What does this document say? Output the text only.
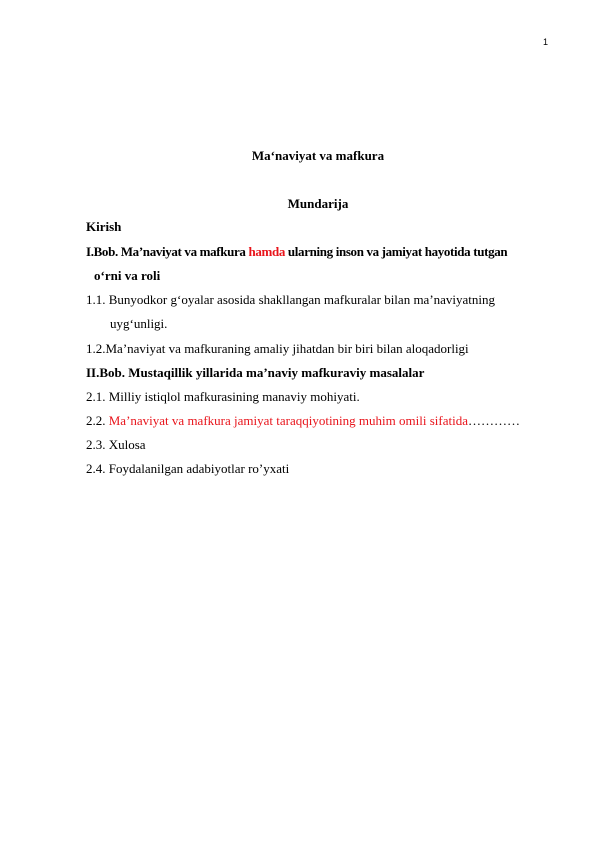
1
Ma‘naviyat va mafkura
Mundarija
Kirish
I.Bob. Ma’naviyat va mafkura hamda ularning inson va jamiyat hayotida tutgan
o‘rni va roli
1.1. Bunyodkor g‘oyalar asosida shakllangan mafkuralar bilan ma’naviyatning
uyg‘unligi.
1.2.Ma’naviyat va mafkuraning amaliy jihatdan bir biri bilan aloqadorligi
II.Bob. Mustaqillik yillarida ma’naviy mafkuraviy masalalar
2.1. Milliy istiqlol mafkurasining manaviy mohiyati.
2.2. Ma’naviyat va mafkura jamiyat taraqqiyotining muhim omili sifatida…………
2.3. Xulosa
2.4. Foydalanilgan adabiyotlar ro’yxati
